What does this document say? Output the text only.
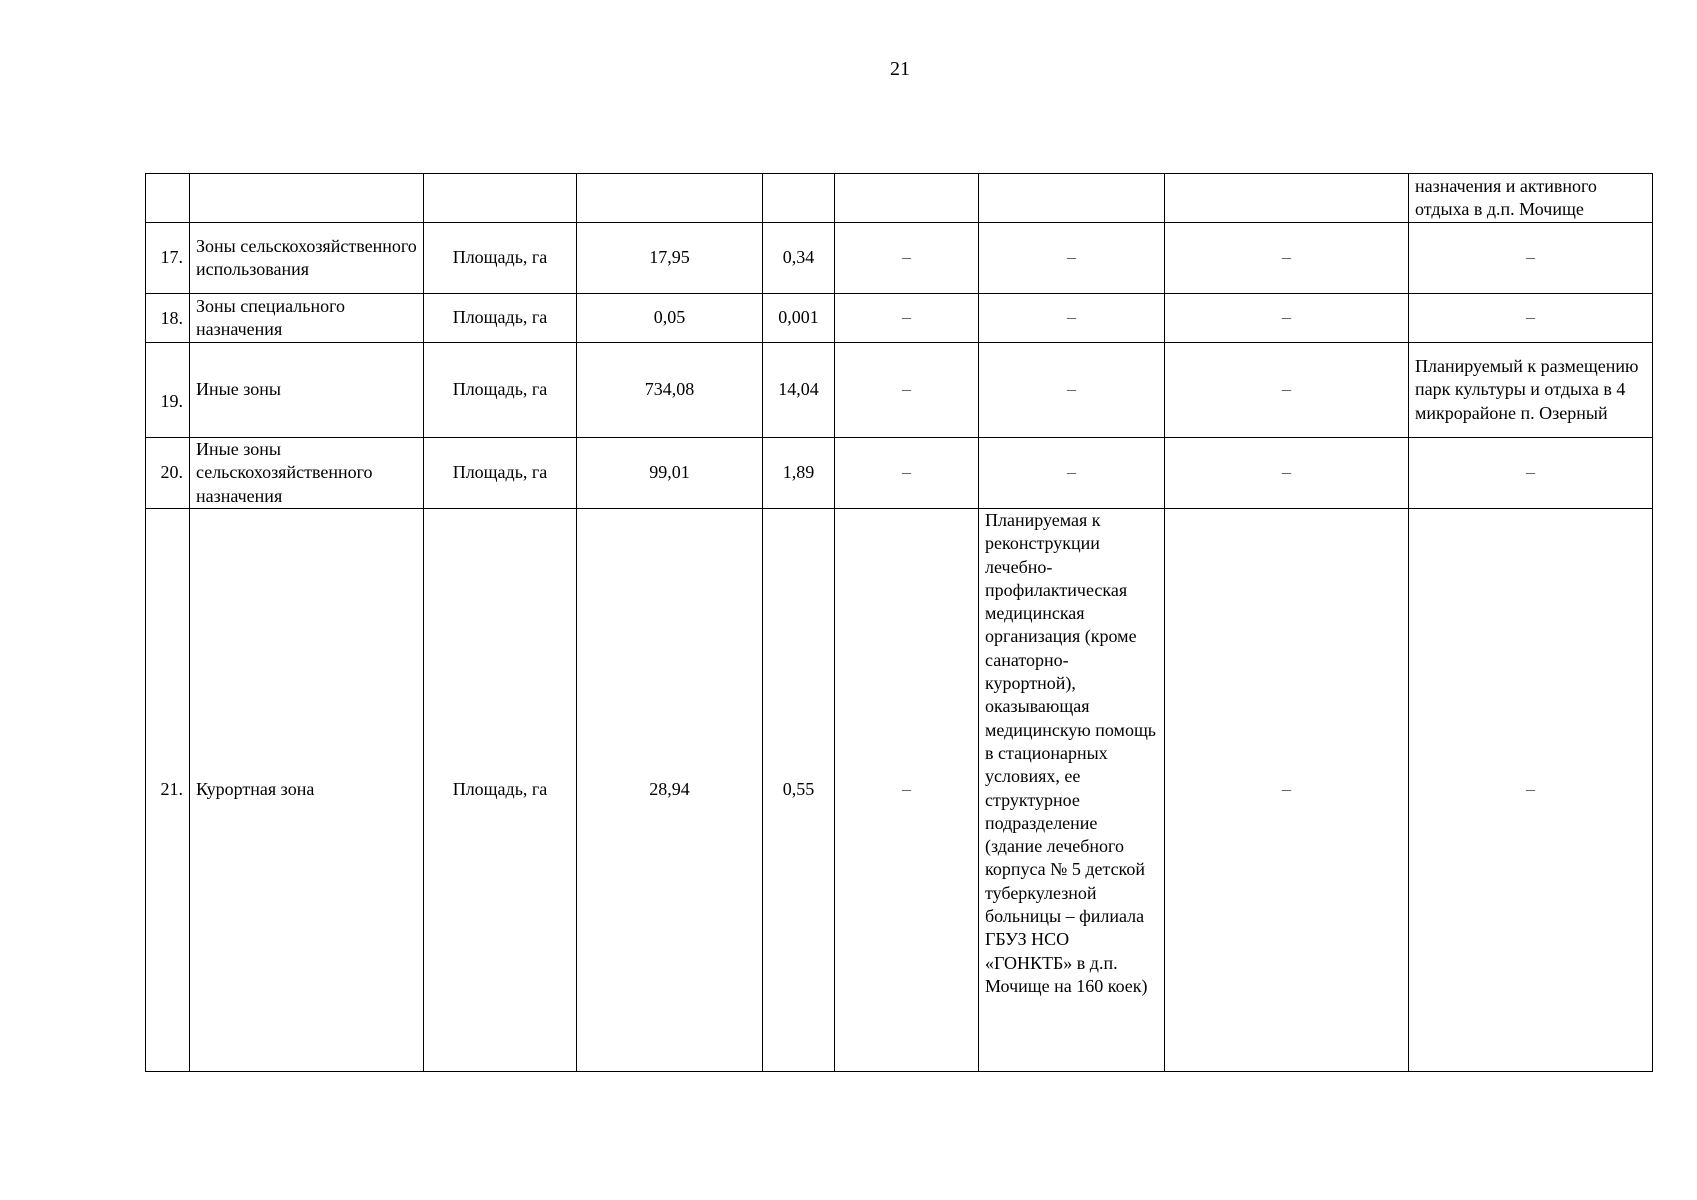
21
								назначения и активного отдыха в д.п. Мочище
17.	Зоны сельскохозяйственного использования	Площадь, га	17,95	0,34	–	–	–	–
18.	Зоны специального назначения	Площадь, га	0,05	0,001	–	–	–	–
19.	Иные зоны	Площадь, га	734,08	14,04	–	–	–	Планируемый к размещению парк культуры и отдыха в 4 микрорайоне п. Озерный
20.	Иные зоны сельскохозяйственного назначения	Площадь, га	99,01	1,89	–	–	–	–
21.	Курортная зона	Площадь, га	28,94	0,55	–	Планируемая к реконструкции лечебно-профилактическая медицинская организация (кроме санаторно-курортной), оказывающая медицинскую помощь в стационарных условиях, ее структурное подразделение (здание лечебного корпуса № 5 детской туберкулезной больницы – филиала ГБУЗ НСО «ГОНКТБ» в д.п. Мочище на 160 коек)	–	–
